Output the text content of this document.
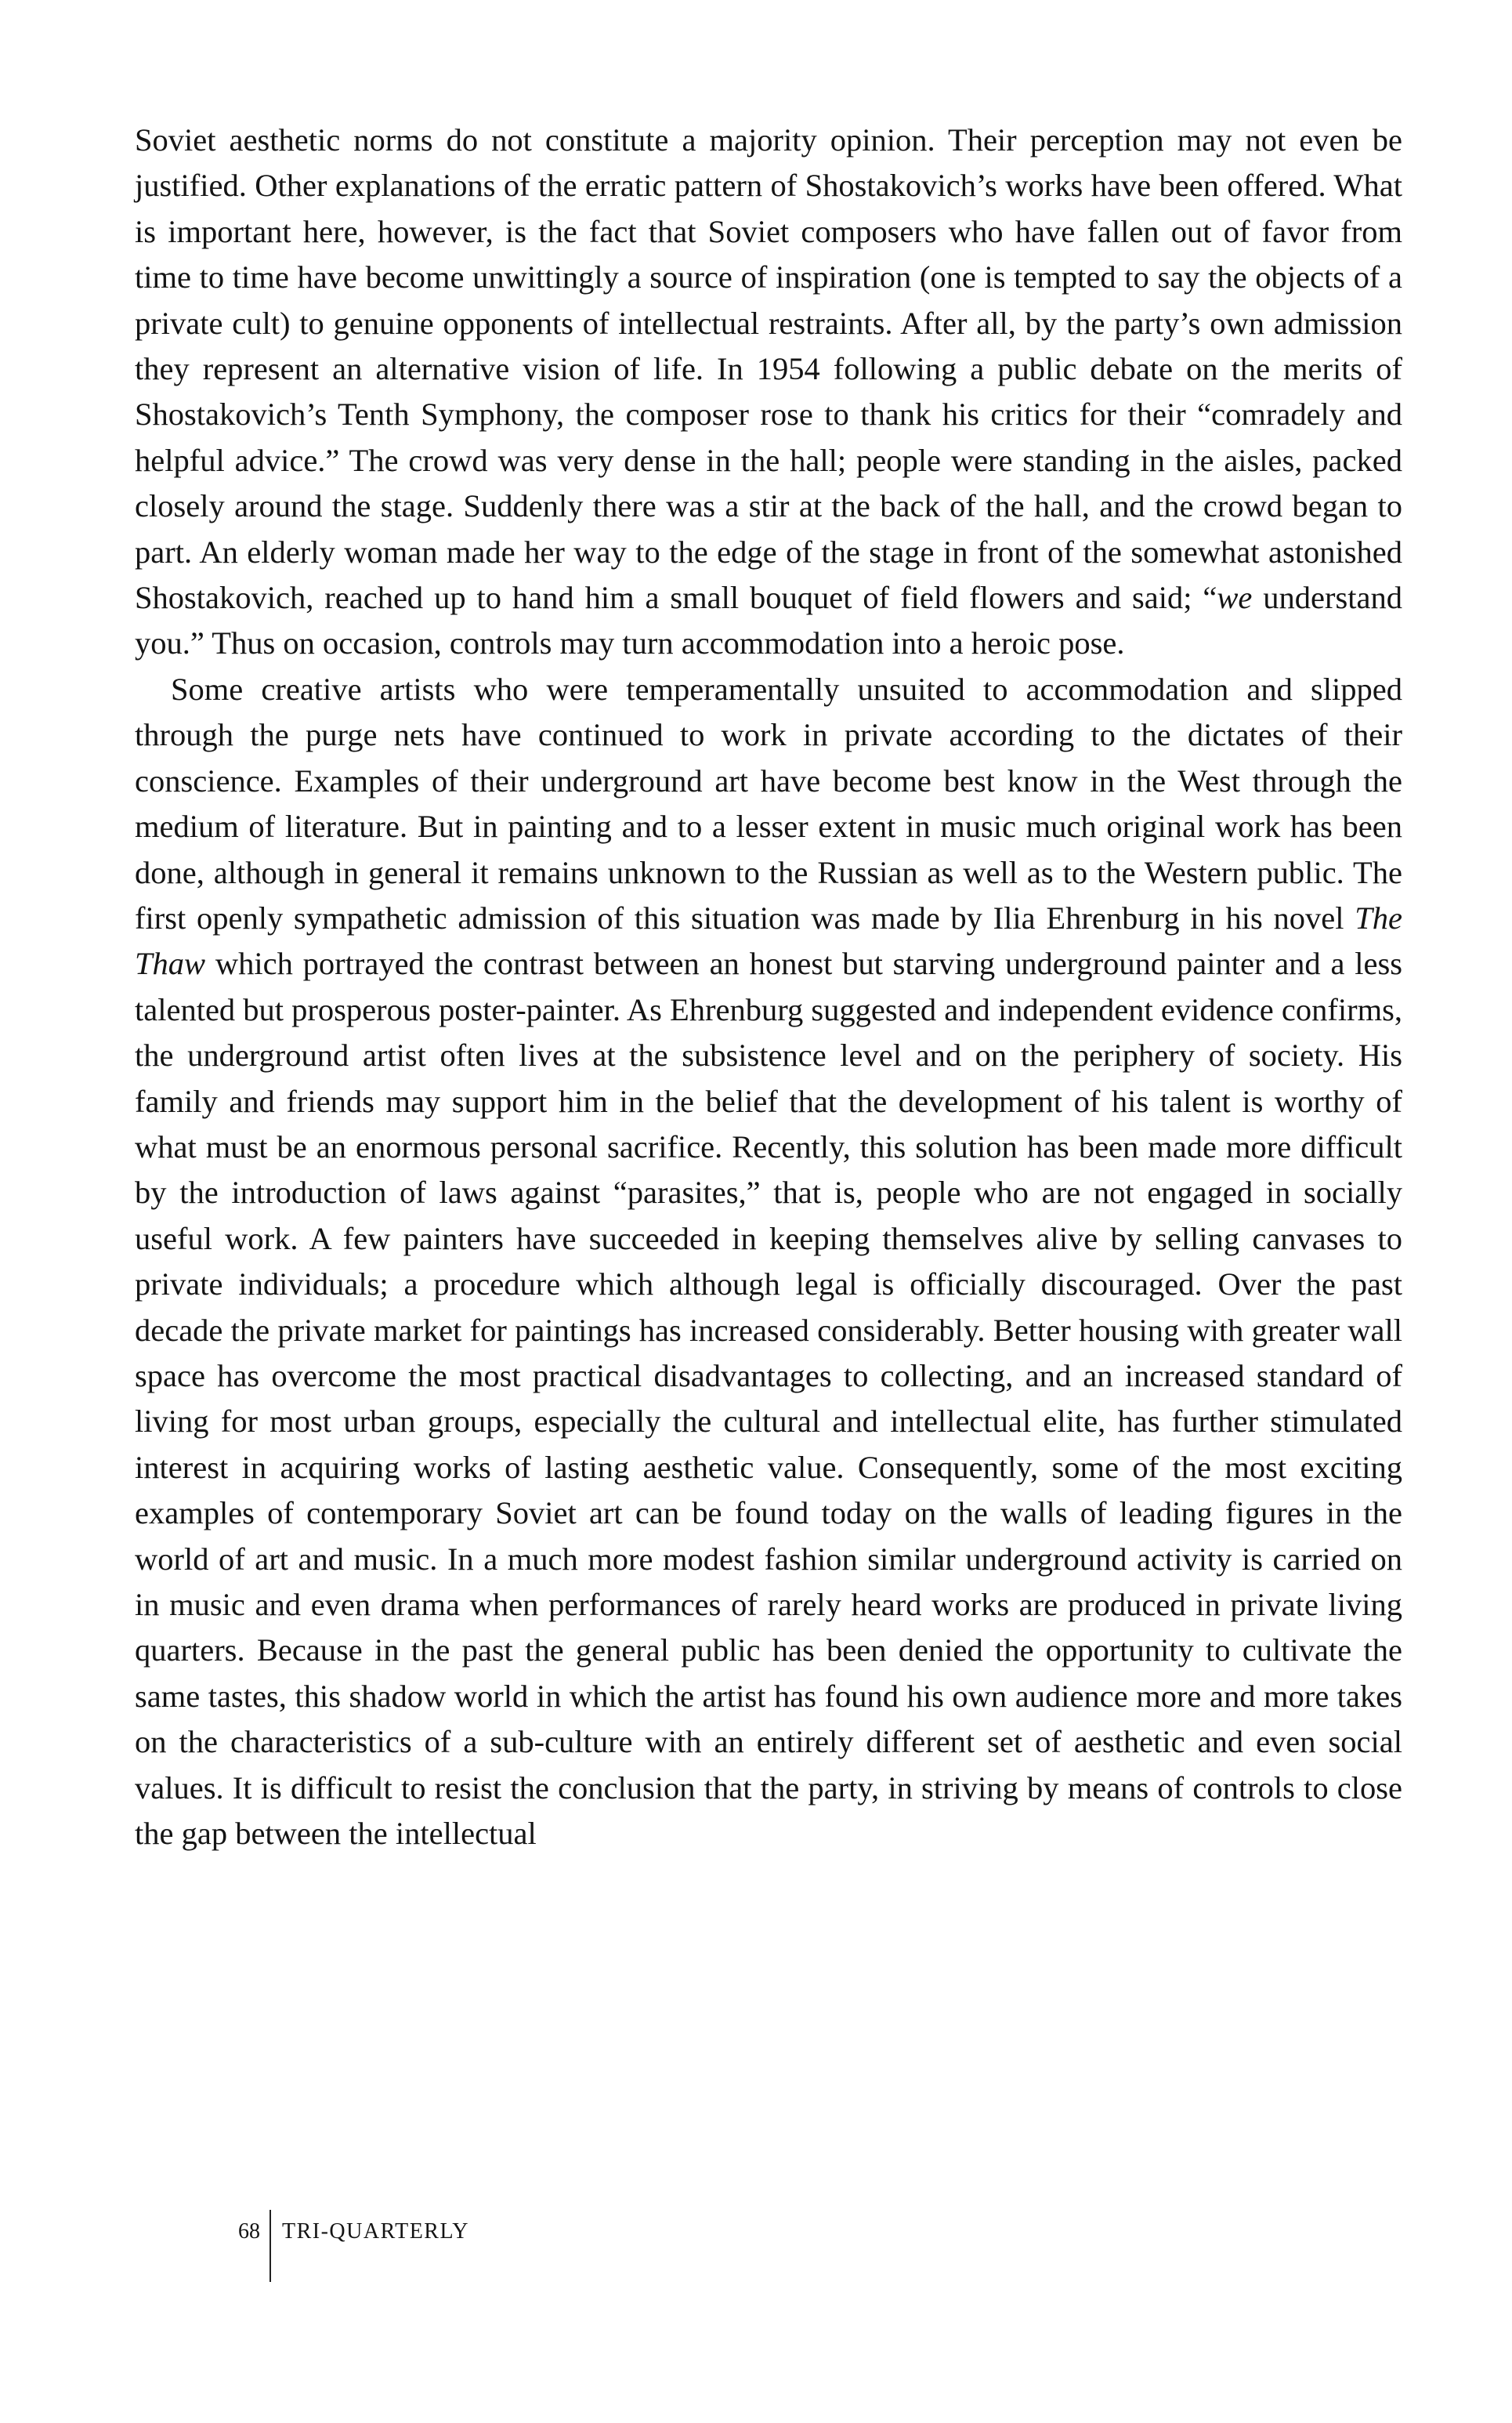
Soviet aesthetic norms do not constitute a majority opinion. Their perception may not even be justified. Other explanations of the erratic pattern of Shostakovich’s works have been offered. What is important here, however, is the fact that Soviet composers who have fallen out of favor from time to time have become unwittingly a source of inspiration (one is tempted to say the objects of a private cult) to genuine opponents of intellectual restraints. After all, by the party’s own admission they represent an alternative vision of life. In 1954 following a public debate on the merits of Shostakovich’s Tenth Symphony, the composer rose to thank his critics for their “comradely and helpful advice.” The crowd was very dense in the hall; people were standing in the aisles, packed closely around the stage. Suddenly there was a stir at the back of the hall, and the crowd began to part. An elderly woman made her way to the edge of the stage in front of the somewhat astonished Shostakovich, reached up to hand him a small bouquet of field flowers and said; “we understand you.” Thus on occasion, controls may turn accommodation into a heroic pose.

Some creative artists who were temperamentally unsuited to accommodation and slipped through the purge nets have continued to work in private according to the dictates of their conscience. Examples of their underground art have become best know in the West through the medium of literature. But in painting and to a lesser extent in music much original work has been done, although in general it remains unknown to the Russian as well as to the Western public. The first openly sympathetic admission of this situation was made by Ilia Ehrenburg in his novel The Thaw which portrayed the contrast between an honest but starving underground painter and a less talented but prosperous poster-painter. As Ehrenburg suggested and independent evidence confirms, the underground artist often lives at the subsistence level and on the periphery of society. His family and friends may support him in the belief that the development of his talent is worthy of what must be an enormous personal sacrifice. Recently, this solution has been made more difficult by the introduction of laws against “parasites,” that is, people who are not engaged in socially useful work. A few painters have succeeded in keeping themselves alive by selling canvases to private individuals; a procedure which although legal is officially discouraged. Over the past decade the private market for paintings has increased considerably. Better housing with greater wall space has overcome the most practical disadvantages to collecting, and an increased standard of living for most urban groups, especially the cultural and intellectual elite, has further stimulated interest in acquiring works of lasting aesthetic value. Consequently, some of the most exciting examples of contemporary Soviet art can be found today on the walls of leading figures in the world of art and music. In a much more modest fashion similar underground activity is carried on in music and even drama when performances of rarely heard works are produced in private living quarters. Because in the past the general public has been denied the opportunity to cultivate the same tastes, this shadow world in which the artist has found his own audience more and more takes on the characteristics of a sub-culture with an entirely different set of aesthetic and even social values. It is difficult to resist the conclusion that the party, in striving by means of controls to close the gap between the intellectual

68 TRI-QUARTERLY
